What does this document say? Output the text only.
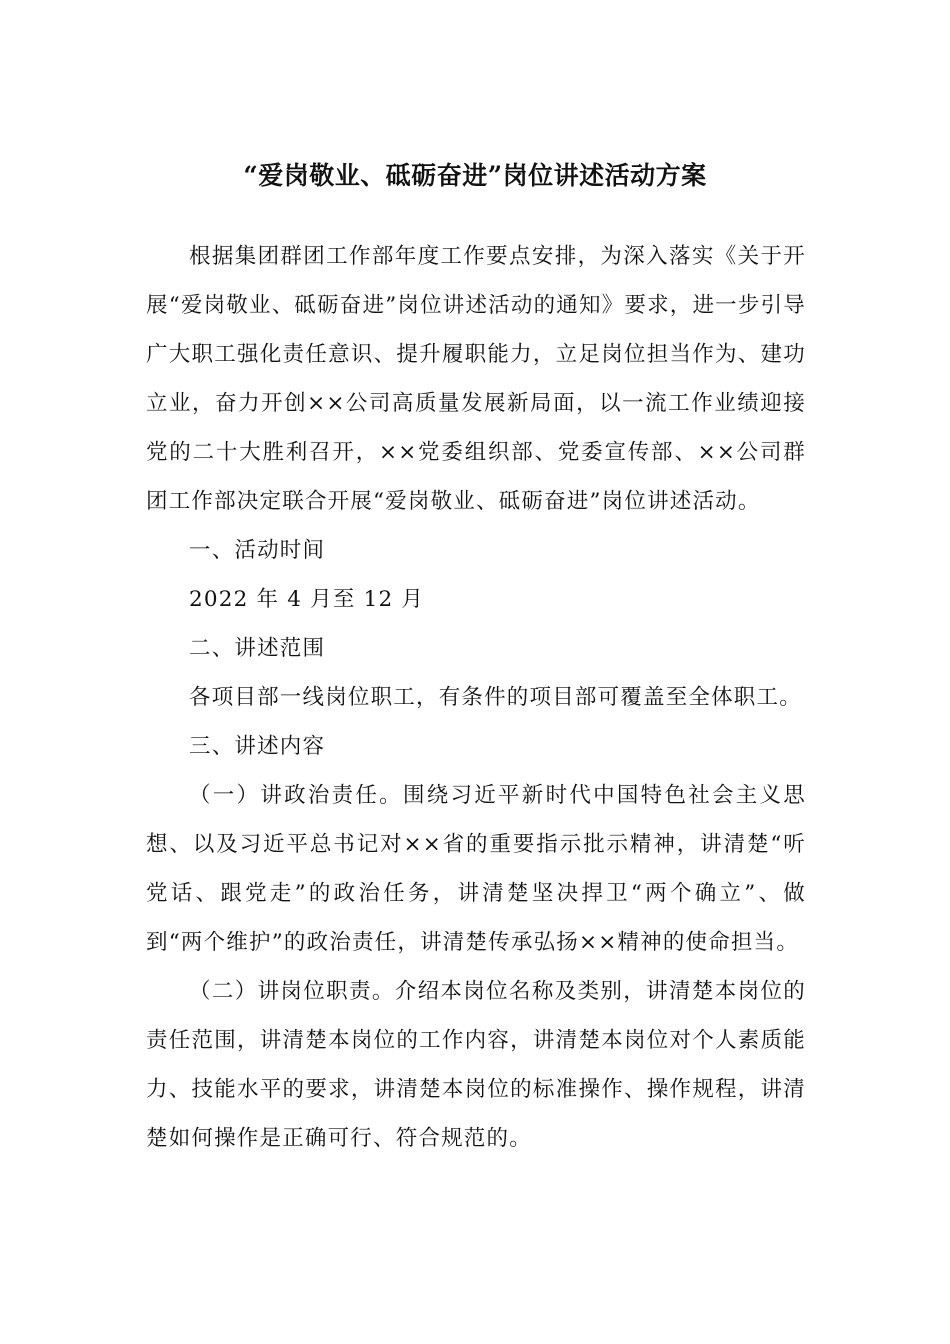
“爱岗敬业、砥砺奋进”岗位讲述活动方案

根据集团群团工作部年度工作要点安排，为深入落实《关于开展“爱岗敬业、砥砺奋进”岗位讲述活动的通知》要求，进一步引导广大职工强化责任意识、提升履职能力，立足岗位担当作为、建功立业，奋力开创××公司高质量发展新局面，以一流工作业绩迎接党的二十大胜利召开，××党委组织部、党委宣传部、××公司群团工作部决定联合开展“爱岗敬业、砥砺奋进”岗位讲述活动。

一、活动时间

2022 年 4 月至 12 月

二、讲述范围

各项目部一线岗位职工，有条件的项目部可覆盖至全体职工。

三、讲述内容

（一）讲政治责任。围绕习近平新时代中国特色社会主义思想、以及习近平总书记对××省的重要指示批示精神，讲清楚“听党话、跟党走”的政治任务，讲清楚坚决捍卫“两个确立”、做到“两个维护”的政治责任，讲清楚传承弘扬××精神的使命担当。

（二）讲岗位职责。介绍本岗位名称及类别，讲清楚本岗位的责任范围，讲清楚本岗位的工作内容，讲清楚本岗位对个人素质能力、技能水平的要求，讲清楚本岗位的标准操作、操作规程，讲清楚如何操作是正确可行、符合规范的。
